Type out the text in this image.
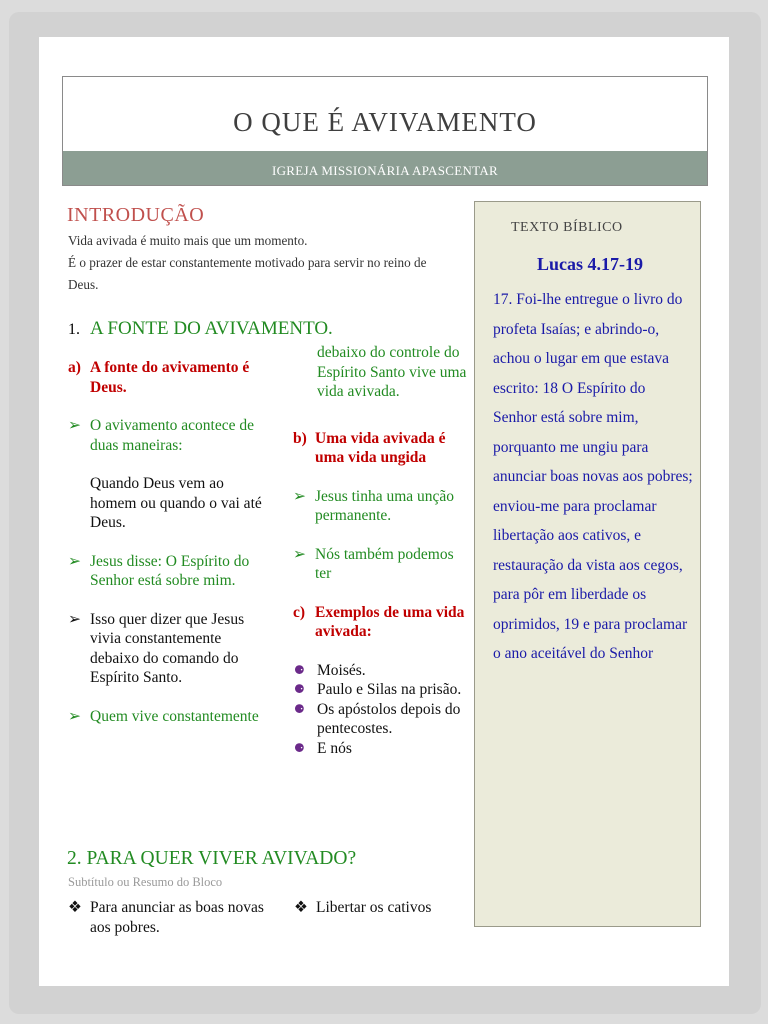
O QUE É AVIVAMENTO
IGREJA MISSIONÁRIA APASCENTAR
INTRODUÇÃO
Vida avivada é muito mais que um momento.
É o prazer de estar constantemente motivado para servir no reino de Deus.
1. A FONTE DO AVIVAMENTO.
a) A fonte do avivamento é Deus.
➢ O avivamento acontece de duas maneiras:
Quando Deus vem ao homem ou quando o vai até Deus.
➢ Jesus disse: O Espírito do Senhor está sobre mim.
➢ Isso quer dizer que Jesus vivia constantemente debaixo do comando do Espírito Santo.
➢ Quem vive constantemente
debaixo do controle do Espírito Santo vive uma vida avivada.
b) Uma vida avivada é uma vida ungida
➢ Jesus tinha uma unção permanente.
➢ Nós também podemos ter
c) Exemplos de uma vida avivada:
⚈ Moisés.
⚈ Paulo e Silas na prisão.
⚈ Os apóstolos depois do pentecostes.
⚈ E nós
2. PARA QUER VIVER AVIVADO?
Subtítulo ou Resumo do Bloco
❖ Para anunciar as boas novas aos pobres.
❖ Libertar os cativos
TEXTO BÍBLICO
Lucas 4.17-19
17. Foi-lhe entregue o livro do profeta Isaías; e abrindo-o, achou o lugar em que estava escrito: 18 O Espírito do Senhor está sobre mim, porquanto me ungiu para anunciar boas novas aos pobres; enviou-me para proclamar libertação aos cativos, e restauração da vista aos cegos, para pôr em liberdade os oprimidos, 19 e para proclamar o ano aceitável do Senhor
